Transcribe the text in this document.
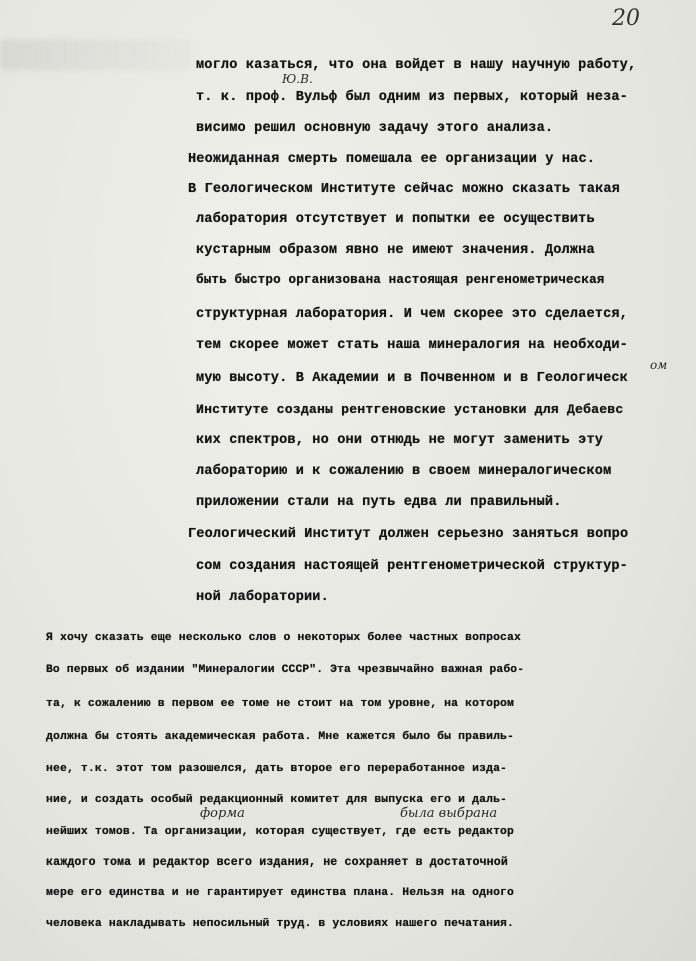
20
Ю.В.
ом
форма	была выбрана
могло казаться, что она войдет в нашу научную работу,
т. к. проф. Вульф был одним из первых, который неза-
висимо решил основную задачу этого анализа.
Неожиданная смерть помешала ее организации у нас.
В Геологическом Институте сейчас можно сказать такая
лаборатория отсутствует и попытки ее осуществить
кустарным образом явно не имеют значения. Должна
быть быстро организована настоящая ренгенометрическая
структурная лаборатория. И чем скорее это сделается,
тем скорее может стать наша минералогия на необходи-
мую высоту. В Академии и в Почвенном и в Геологическ
Институте созданы рентгеновские установки для Дебаевс
ких спектров, но они отнюдь не могут заменить эту
лабораторию и к сожалению в своем минералогическом
приложении стали на путь едва ли правильный.
Геологический Институт должен серьезно заняться вопро
сом создания настоящей рентгенометрической структур-
ной лаборатории.
Я хочу сказать еще несколько слов о некоторых более частных вопросах
Во первых об издании "Минералогии СССР". Эта чрезвычайно важная рабо-
та, к сожалению в первом ее томе не стоит на том уровне, на котором
должна бы стоять академическая работа. Мне кажется было бы правиль-
нее, т.к. этот том разошелся, дать второе его переработанное изда-
ние, и создать особый редакционный комитет для выпуска его и даль-
нейших томов. Та организации, которая существует, где есть редактор
каждого тома и редактор всего издания, не сохраняет в достаточной
мере его единства и не гарантирует единства плана. Нельзя на одного
человека накладывать непосильный труд. в условиях нашего печатания.
